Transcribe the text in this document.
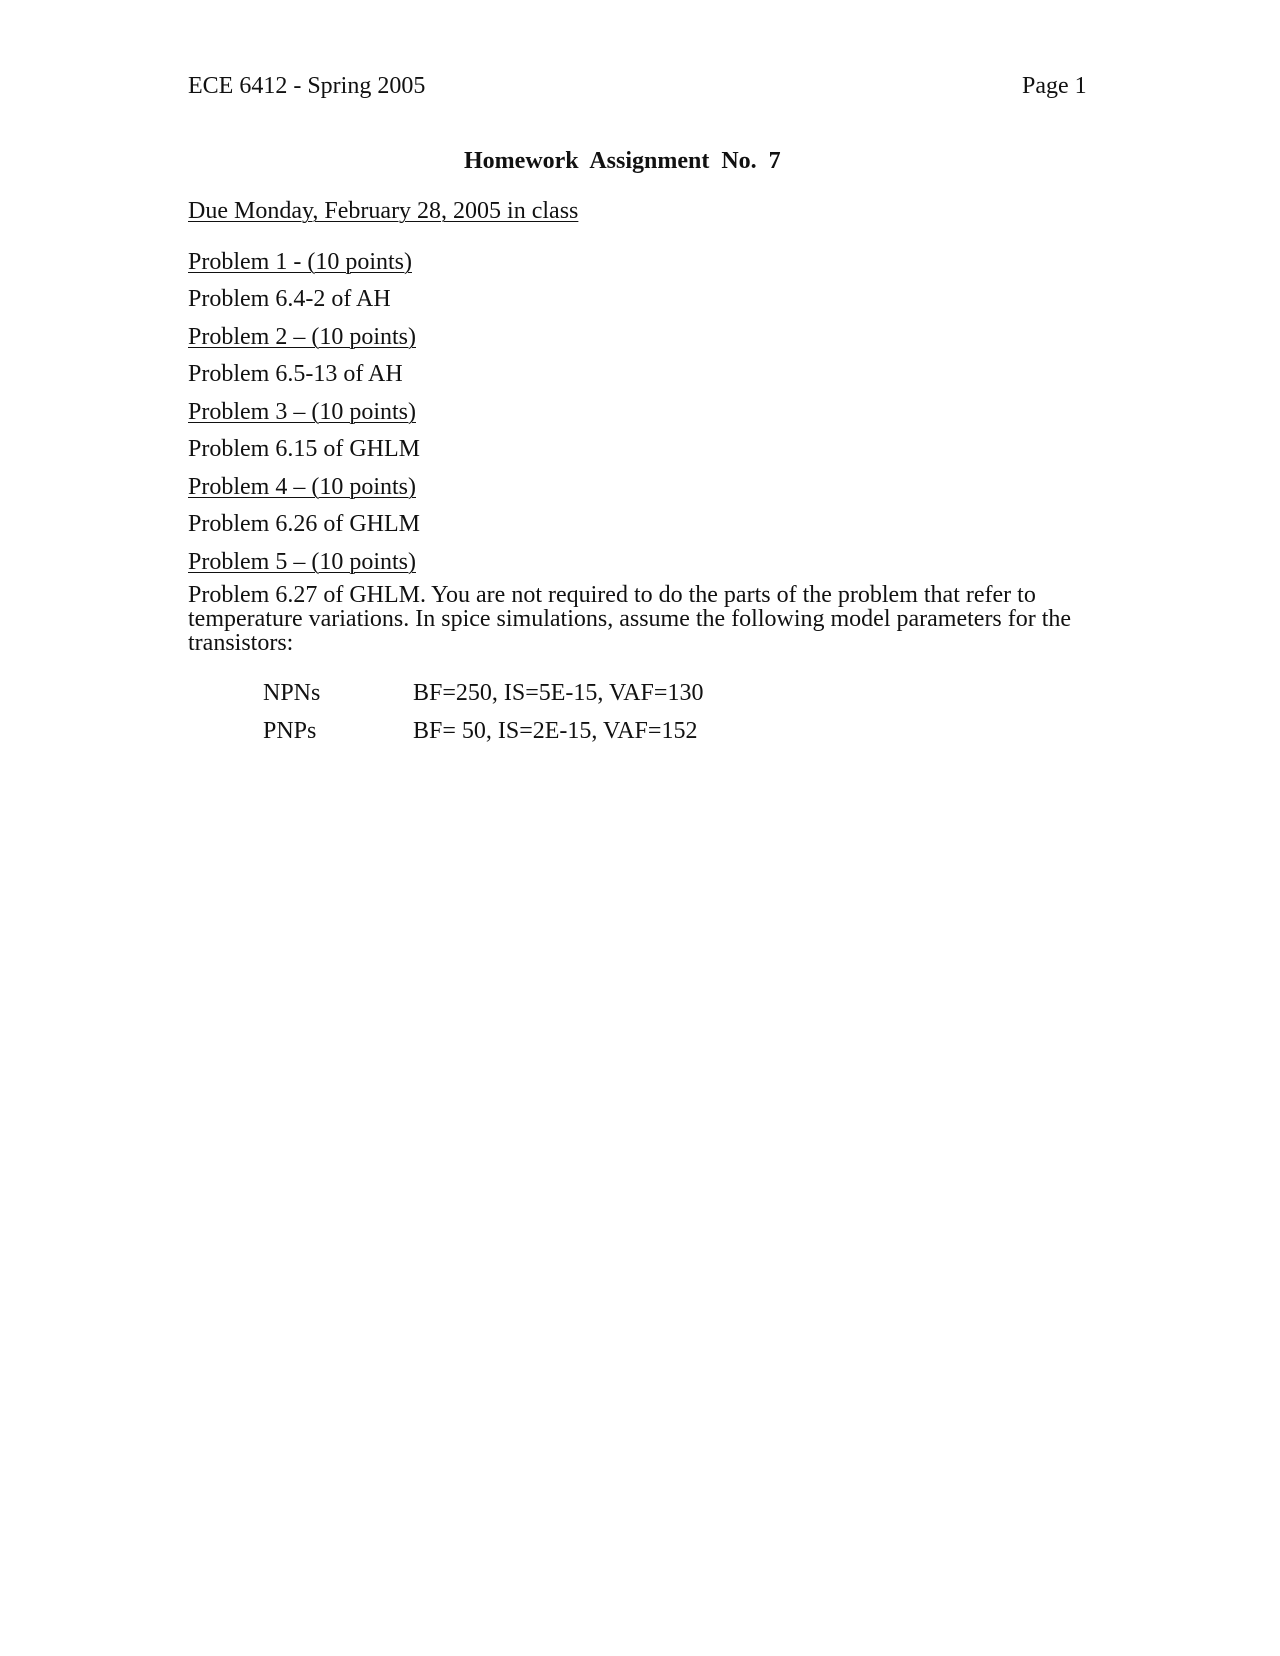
ECE 6412 - Spring 2005	Page 1
Homework Assignment No. 7
Due Monday, February 28, 2005 in class
Problem 1 - (10 points)
Problem 6.4-2 of AH
Problem 2 – (10 points)
Problem 6.5-13 of AH
Problem 3 – (10 points)
Problem 6.15 of GHLM
Problem 4 – (10 points)
Problem 6.26 of GHLM
Problem 5 – (10 points)
Problem 6.27 of GHLM. You are not required to do the parts of the problem that refer to temperature variations. In spice simulations, assume the following model parameters for the transistors:
NPNs	BF=250, IS=5E-15, VAF=130
PNPs	BF= 50, IS=2E-15, VAF=152
